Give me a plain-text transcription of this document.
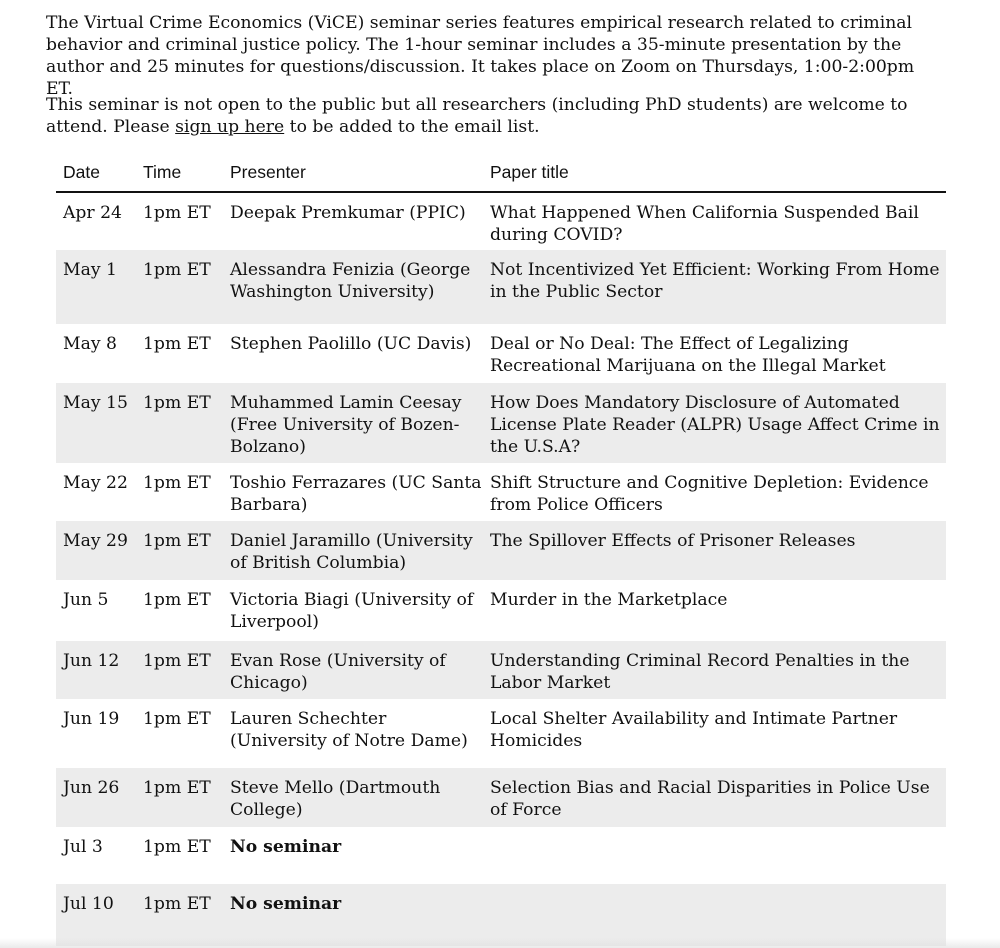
The Virtual Crime Economics (ViCE) seminar series features empirical research related to criminal behavior and criminal justice policy. The 1-hour seminar includes a 35-minute presentation by the author and 25 minutes for questions/discussion. It takes place on Zoom on Thursdays, 1:00-2:00pm ET.

This seminar is not open to the public but all researchers (including PhD students) are welcome to attend. Please sign up here to be added to the email list.

Date	Time	Presenter	Paper title
Apr 24	1pm ET	Deepak Premkumar (PPIC)	What Happened When California Suspended Bail during COVID?
May 1	1pm ET	Alessandra Fenizia (George Washington University)	Not Incentivized Yet Efficient: Working From Home in the Public Sector
May 8	1pm ET	Stephen Paolillo (UC Davis)	Deal or No Deal: The Effect of Legalizing Recreational Marijuana on the Illegal Market
May 15	1pm ET	Muhammed Lamin Ceesay (Free University of Bozen-Bolzano)	How Does Mandatory Disclosure of Automated License Plate Reader (ALPR) Usage Affect Crime in the U.S.A?
May 22	1pm ET	Toshio Ferrazares (UC Santa Barbara)	Shift Structure and Cognitive Depletion: Evidence from Police Officers
May 29	1pm ET	Daniel Jaramillo (University of British Columbia)	The Spillover Effects of Prisoner Releases
Jun 5	1pm ET	Victoria Biagi (University of Liverpool)	Murder in the Marketplace
Jun 12	1pm ET	Evan Rose (University of Chicago)	Understanding Criminal Record Penalties in the Labor Market
Jun 19	1pm ET	Lauren Schechter (University of Notre Dame)	Local Shelter Availability and Intimate Partner Homicides
Jun 26	1pm ET	Steve Mello (Dartmouth College)	Selection Bias and Racial Disparities in Police Use of Force
Jul 3	1pm ET	No seminar	
Jul 10	1pm ET	No seminar	
